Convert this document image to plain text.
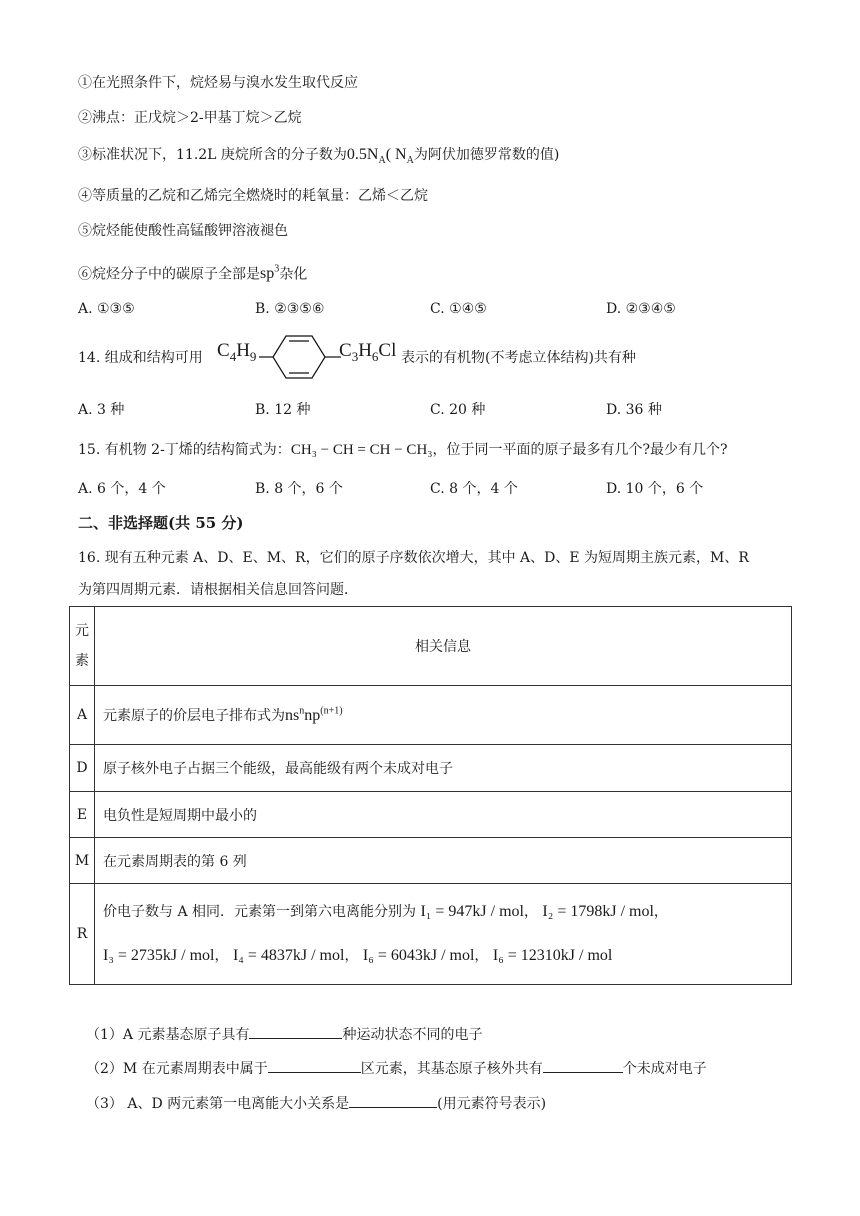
①在光照条件下，烷烃易与溴水发生取代反应
②沸点：正戊烷＞2-甲基丁烷＞乙烷
③标准状况下，11.2L 庚烷所含的分子数为$0.5N_A$( $N_A$为阿伏加德罗常数的值)
④等质量的乙烷和乙烯完全燃烧时的耗氧量：乙烯＜乙烷
⑤烷烃能使酸性高锰酸钾溶液褪色
⑥烷烃分子中的碳原子全部是$sp^3$杂化
A. ①③⑤	B. ②③⑤⑥	C. ①④⑤	D. ②③④⑤
14. 组成和结构可用 $C_4H_9$	$C_3H_6Cl$ 表示的有机物(不考虑立体结构)共有种
A. 3 种	B. 12 种	C. 20 种	D. 36 种
15. 有机物 2-丁烯的结构简式为：CH₃ − CH = CH − CH₃，位于同一平面的原子最多有几个?最少有几个?
A. 6 个，4 个	B. 8 个，6 个	C. 8 个，4 个	D. 10 个，6 个
二、非选择题(共 55 分)
16. 现有五种元素 A、D、E、M、R，它们的原子序数依次增大，其中 A、D、E 为短周期主族元素，M、R
为第四周期元素．请根据相关信息回答问题．
元
素	相关信息
A	元素原子的价层电子排布式为$ns^nnp^{(n+1)}$
D	原子核外电子占据三个能级，最高能级有两个未成对电子
E	电负性是短周期中最小的
M	在元素周期表的第 6 列
R	价电子数与 A 相同．元素第一到第六电离能分别为 I₁ = 947kJ / mol， I₂ = 1798kJ / mol，
I₃ = 2735kJ / mol， I₄ = 4837kJ / mol， I₆ = 6043kJ / mol， I₆ = 12310kJ / mol
（1）A 元素基态原子具有	种运动状态不同的电子
（2）M 在元素周期表中属于	区元素，其基态原子核外共有	个未成对电子
（3） A、D 两元素第一电离能大小关系是	(用元素符号表示)
